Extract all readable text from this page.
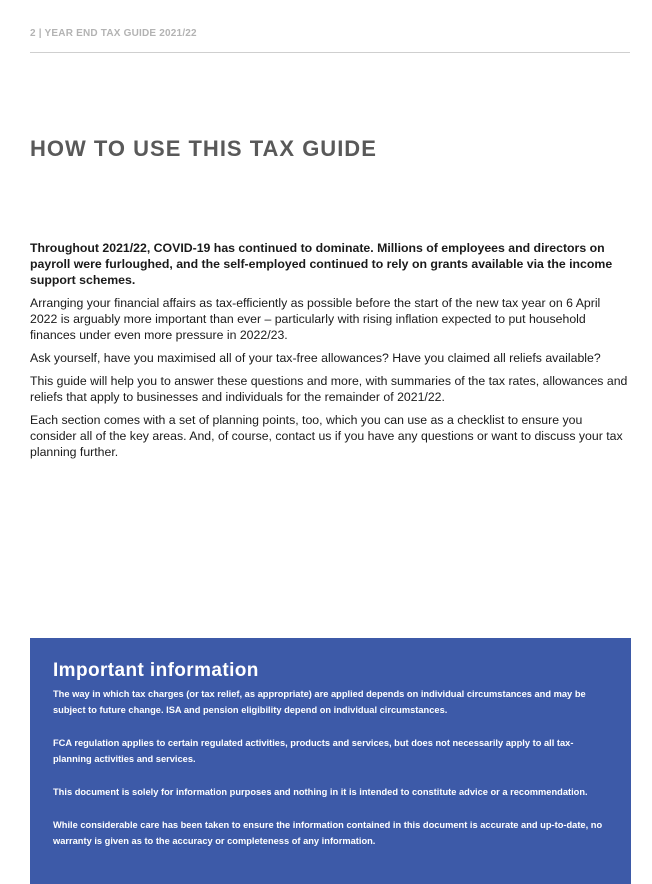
2 | YEAR END TAX GUIDE 2021/22
HOW TO USE THIS TAX GUIDE

Throughout 2021/22, COVID-19 has continued to dominate. Millions of employees and directors on payroll were furloughed, and the self-employed continued to rely on grants available via the income support schemes.

Arranging your financial affairs as tax-efficiently as possible before the start of the new tax year on 6 April 2022 is arguably more important than ever – particularly with rising inflation expected to put household finances under even more pressure in 2022/23.

Ask yourself, have you maximised all of your tax-free allowances? Have you claimed all reliefs available?

This guide will help you to answer these questions and more, with summaries of the tax rates, allowances and reliefs that apply to businesses and individuals for the remainder of 2021/22.

Each section comes with a set of planning points, too, which you can use as a checklist to ensure you consider all of the key areas. And, of course, contact us if you have any questions or want to discuss your tax planning further.

Important information

The way in which tax charges (or tax relief, as appropriate) are applied depends on individual circumstances and may be subject to future change. ISA and pension eligibility depend on individual circumstances.

FCA regulation applies to certain regulated activities, products and services, but does not necessarily apply to all tax-planning activities and services.

This document is solely for information purposes and nothing in it is intended to constitute advice or a recommendation.

While considerable care has been taken to ensure the information contained in this document is accurate and up-to-date, no warranty is given as to the accuracy or completeness of any information.
